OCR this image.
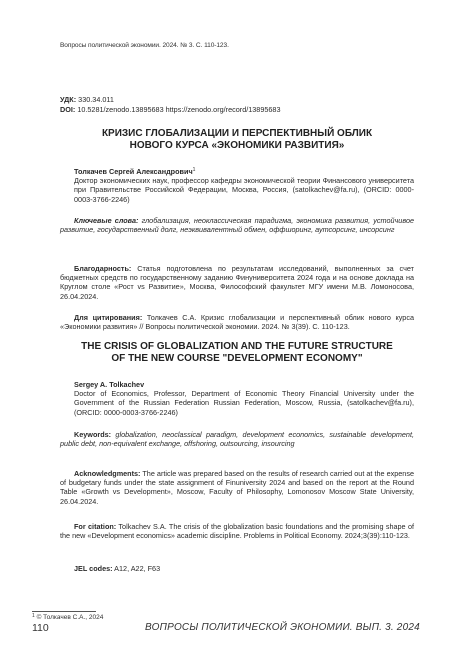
Вопросы политической экономии. 2024. № 3. С. 110-123.
УДК: 330.34.011
DOI: 10.5281/zenodo.13895683 https://zenodo.org/record/13895683
КРИЗИС ГЛОБАЛИЗАЦИИ И ПЕРСПЕКТИВНЫЙ ОБЛИК
НОВОГО КУРСА «ЭКОНОМИКИ РАЗВИТИЯ»
Толкачев Сергей Александрович$^1$

Доктор экономических наук, профессор кафедры экономической теории Финансового университета при Правительстве Российской Федерации, Москва, Россия, (satolkachev@fa.ru), (ORCID: 0000-0003-3766-2246)

Ключевые слова: глобализация, неоклассическая парадигма, экономика развития, устойчивое развитие, государственный долг, неэквивалентный обмен, оффшоринг, аутсорсинг, инсорсинг

Благодарность: Статья подготовлена по результатам исследований, выполненных за счет бюджетных средств по государственному заданию Финуниверситета 2024 года и на основе доклада на Круглом столе «Рост vs Развитие», Москва, Философский факультет МГУ имени М.В. Ломоносова, 26.04.2024.

Для цитирования: Толкачев С.А. Кризис глобализации и перспективный облик нового курса «Экономики развития» // Вопросы политической экономии. 2024. № 3(39). С. 110-123.

THE CRISIS OF GLOBALIZATION AND THE FUTURE STRUCTURE
OF THE NEW COURSE "DEVELOPMENT ECONOMY"
Sergey A. Tolkachev

Doctor of Economics, Professor, Department of Economic Theory Financial University under the Government of the Russian Federation Russian Federation, Moscow, Russia, (satolkachev@fa.ru), (ORCID: 0000-0003-3766-2246)

Keywords: globalization, neoclassical paradigm, development economics, sustainable development, public debt, non-equivalent exchange, offshoring, outsourcing, insourcing

Acknowledgments: The article was prepared based on the results of research carried out at the expense of budgetary funds under the state assignment of Finuniversity 2024 and based on the report at the Round Table «Growth vs Development», Moscow, Faculty of Philosophy, Lomonosov Moscow State University, 26.04.2024.

For citation: Tolkachev S.A. The crisis of the globalization basic foundations and the promising shape of the new «Development economics» academic discipline. Problems in Political Economy. 2024;3(39):110-123.

JEL codes: A12, A22, F63

$^1$ © Толкачев С.А., 2024
110	ВОПРОСЫ ПОЛИТИЧЕСКОЙ ЭКОНОМИИ. ВЫП. 3. 2024
